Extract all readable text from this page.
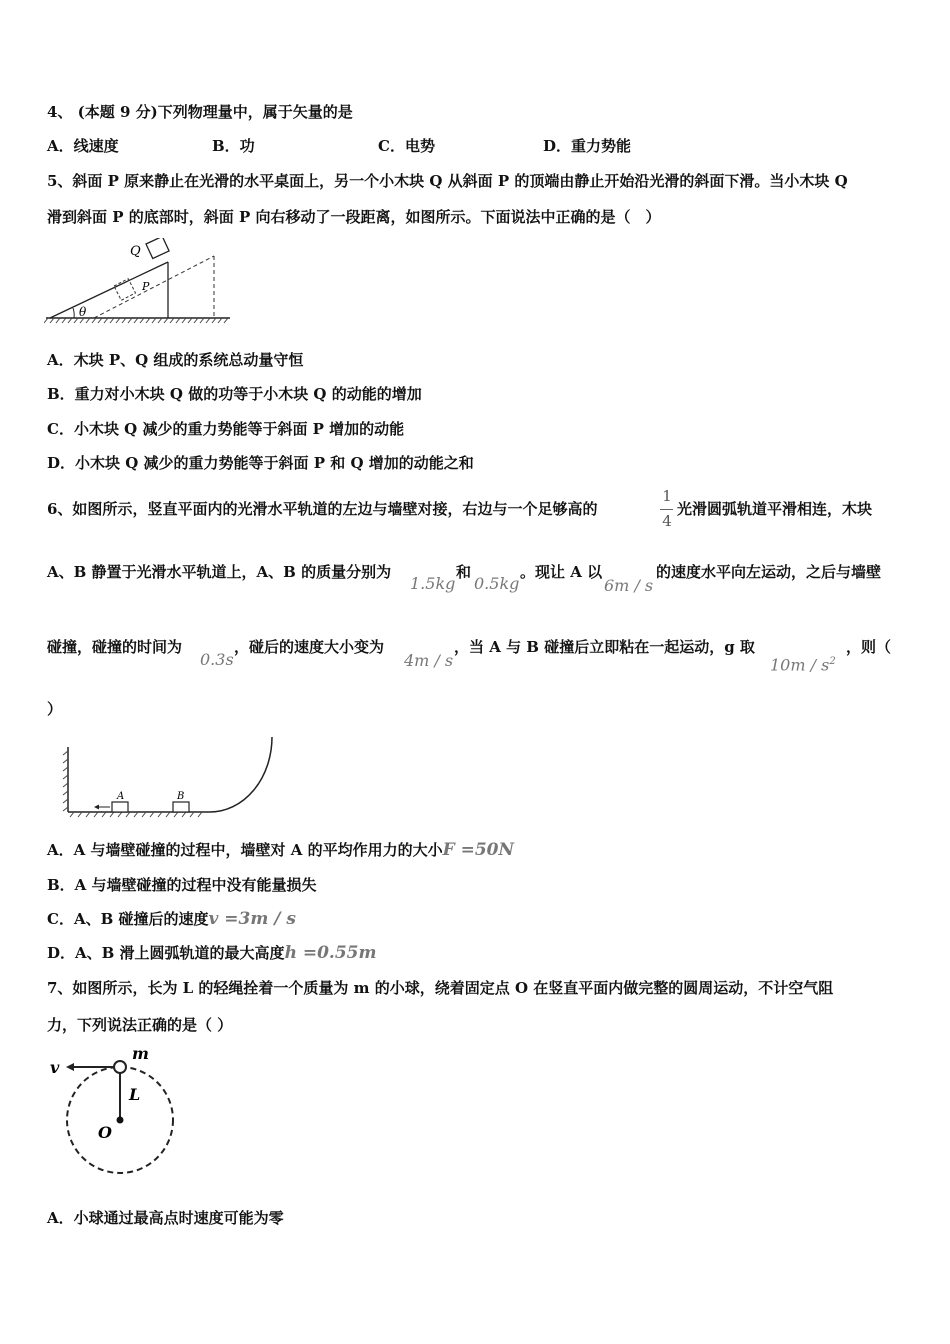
4、 (本题 9 分)下列物理量中，属于矢量的是
A．线速度	B．功	C．电势	D．重力势能
5、斜面 P 原来静止在光滑的水平桌面上，另一个小木块 Q 从斜面 P 的顶端由静止开始沿光滑的斜面下滑。当小木块 Q
滑到斜面 P 的底部时，斜面 P 向右移动了一段距离，如图所示。下面说法中正确的是（　）
Q
P
θ
A．木块 P、Q 组成的系统总动量守恒
B．重力对小木块 Q 做的功等于小木块 Q 的动能的增加
C．小木块 Q 减少的重力势能等于斜面 P 增加的动能
D．小木块 Q 减少的重力势能等于斜面 P 和 Q 增加的动能之和
6、如图所示，竖直平面内的光滑水平轨道的左边与墙壁对接，右边与一个足够高的
1
4
光滑圆弧轨道平滑相连，木块
A、B 静置于光滑水平轨道上，A、B 的质量分别为
1.5kg
和
0.5kg
。现让 A 以
6m / s
的速度水平向左运动，之后与墙壁
碰撞，碰撞的时间为
0.3s
，碰后的速度大小变为
4m / s
，当 A 与 B 碰撞后立即粘在一起运动，g 取
$10m / s^2$
，则（
）
A	B
A．A 与墙壁碰撞的过程中，墙壁对 A 的平均作用力的大小F =50N
B．A 与墙壁碰撞的过程中没有能量损失
C．A、B 碰撞后的速度v =3m / s
D．A、B 滑上圆弧轨道的最大高度h =0.55m
7、如图所示，长为 L 的轻绳拴着一个质量为 m 的小球，绕着固定点 O 在竖直平面内做完整的圆周运动，不计空气阻
力，下列说法正确的是（ ）
v
m
L
O
A．小球通过最高点时速度可能为零
